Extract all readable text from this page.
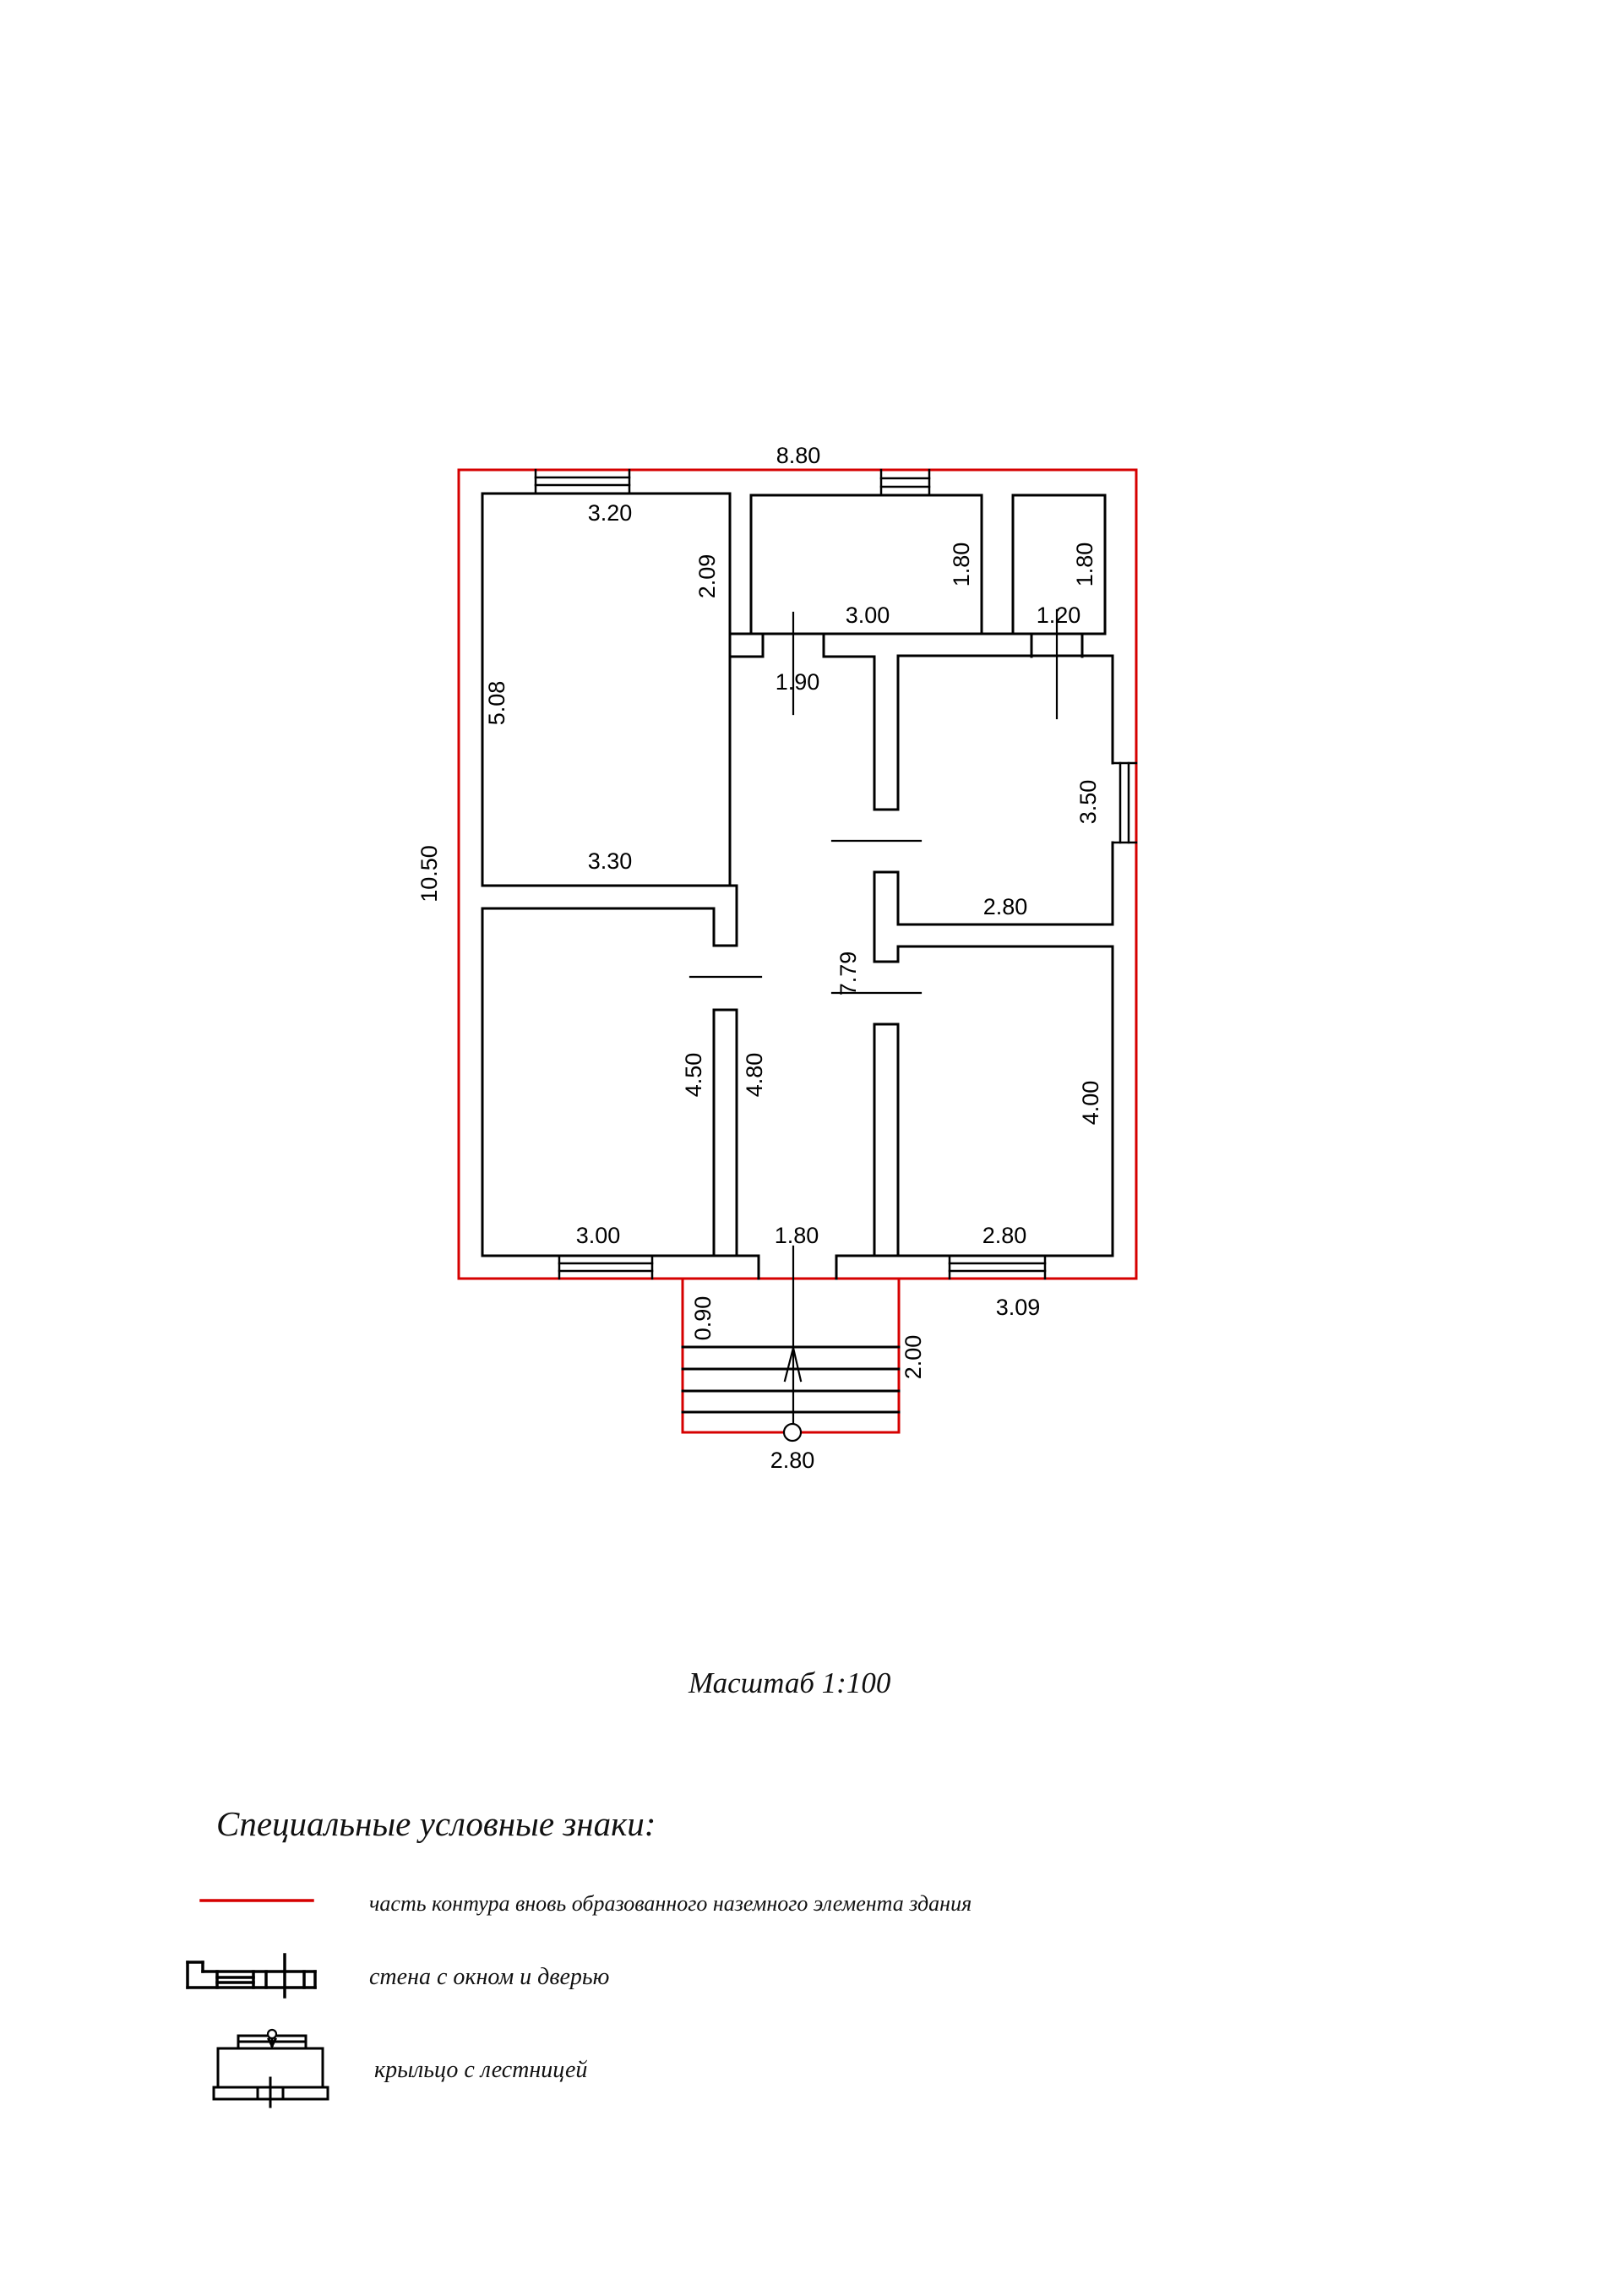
8.80
3.20
2.09
5.08
10.50
1.80
3.00
1.80
1.20
1.90
3.50
2.80
7.79
3.30
4.50 4.80
4.00
3.00	1.80	2.80
3.09
0.90
2.00
2.80
Масштаб 1:100
Специальные условные знаки:
часть контура вновь образованного наземного элемента здания
стена с окном и дверью
крыльцо с лестницей
